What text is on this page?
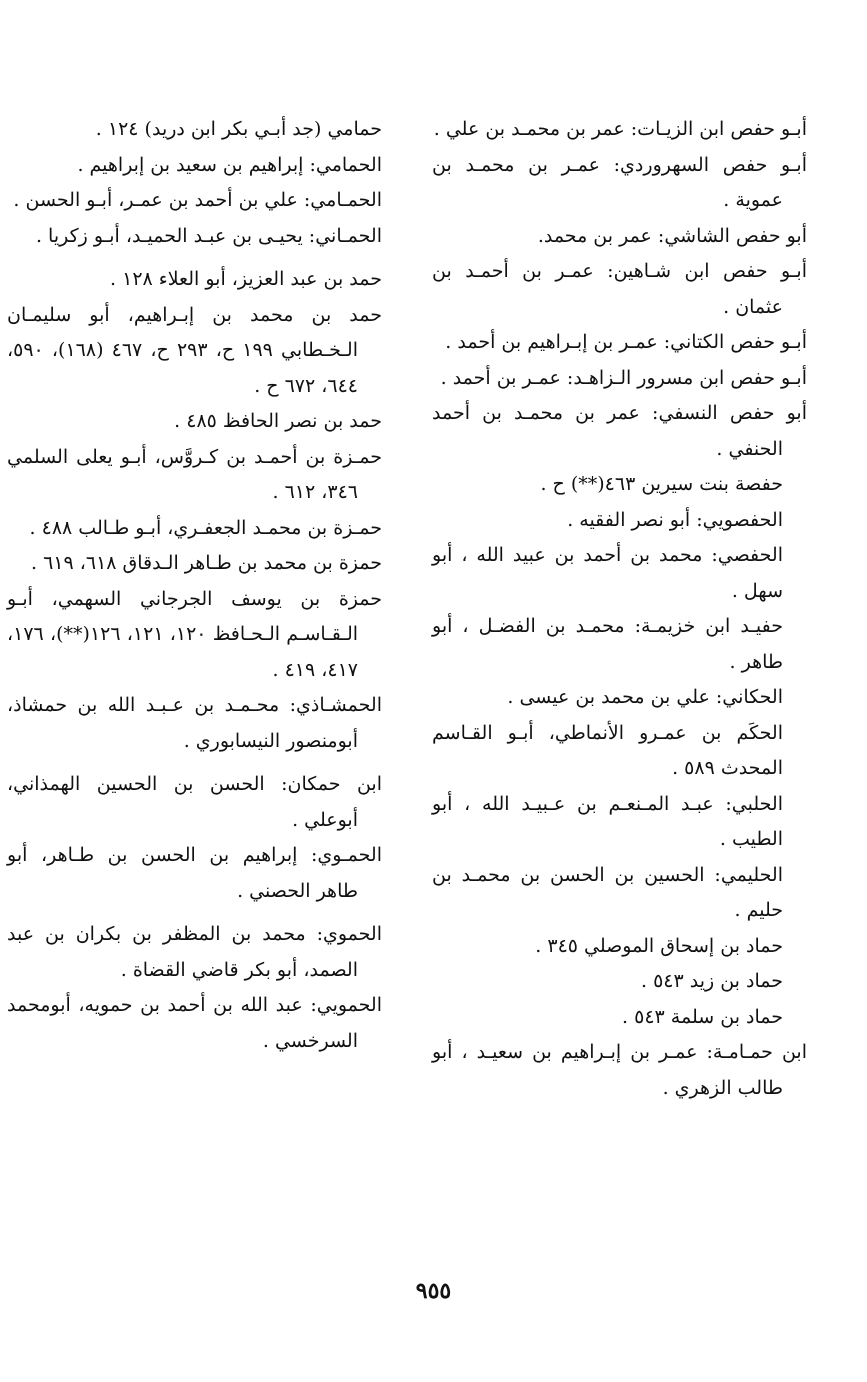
أبـو حفص ابن الزيـات: عمر بن محمـد بن علي .
أبـو حفص السهروردي: عمـر بن محمـد بن عموية .
أبو حفص الشاشي: عمر بن محمد.
أبـو حفص ابن شـاهين: عمـر بن أحمـد بن عثمان .
أبـو حفص الكتاني: عمـر بن إبـراهيم بن أحمد .
أبـو حفص ابن مسرور الـزاهـد: عمـر بن أحمد .
أبو حفص النسفي: عمر بن محمـد بن أحمد الحنفي .
حفصة بنت سيرين ٤٦٣(**) ح .
الحفصويي: أبو نصر الفقيه .
الحفصي: محمد بن أحمد بن عبيد الله ، أبو سهل .
حفيـد ابن خزيمـة: محمـد بن الفضـل ، أبو طاهر .
الحكاني: علي بن محمد بن عيسى .
الحكَم بن عمـرو الأنماطي، أبـو القـاسم المحدث ٥٨٩ .
الحلبي: عبـد المـنعـم بن عـبيـد الله ، أبو الطيب .
الحليمي: الحسين بن الحسن بن محمـد بن حليم .
حماد بن إسحاق الموصلي ٣٤٥ .
حماد بن زيد ٥٤٣ .
حماد بن سلمة ٥٤٣ .
ابن حمـامـة: عمـر بن إبـراهيم بن سعيـد ، أبو طالب الزهري .
حمامي (جد أبـي بكر ابن دريد) ١٢٤ .
الحمامي: إبراهيم بن سعيد بن إبراهيم .
الحمـامي: علي بن أحمد بن عمـر، أبـو الحسن .
الحمـاني: يحيـى بن عبـد الحميـد، أبـو زكريا .
حمد بن عبد العزيز، أبو العلاء ١٢٨ .
حمد بن محمد بن إبـراهيم، أبو سليمـان الـخـطابي ١٩٩ ح، ٢٩٣ ح، ٤٦٧ (١٦٨)، ٥٩٠، ٦٤٤، ٦٧٢ ح .
حمد بن نصر الحافظ ٤٨٥ .
حمـزة بن أحمـد بن كـروَّس، أبـو يعلى السلمي ٣٤٦، ٦١٢ .
حمـزة بن محمـد الجعفـري، أبـو طـالب ٤٨٨ .
حمزة بن محمد بن طـاهر الـدقاق ٦١٨، ٦١٩ .
حمزة بن يوسف الجرجاني السهمي، أبـو الـقـاسـم الـحـافظ ١٢٠، ١٢١، ١٢٦(**)، ١٧٦، ٤١٧، ٤١٩ .
الحمشـاذي: محـمـد بن عـبـد الله بن حمشاذ، أبومنصور النيسابوري .
ابن حمكان: الحسن بن الحسين الهمذاني، أبوعلي .
الحمـوي: إبراهيم بن الحسن بن طـاهر، أبو طاهر الحصني .
الحموي: محمد بن المظفر بن بكران بن عبد الصمد، أبو بكر قاضي القضاة .
الحمويي: عبد الله بن أحمد بن حمويه، أبومحمد السرخسي .
٩٥٥
